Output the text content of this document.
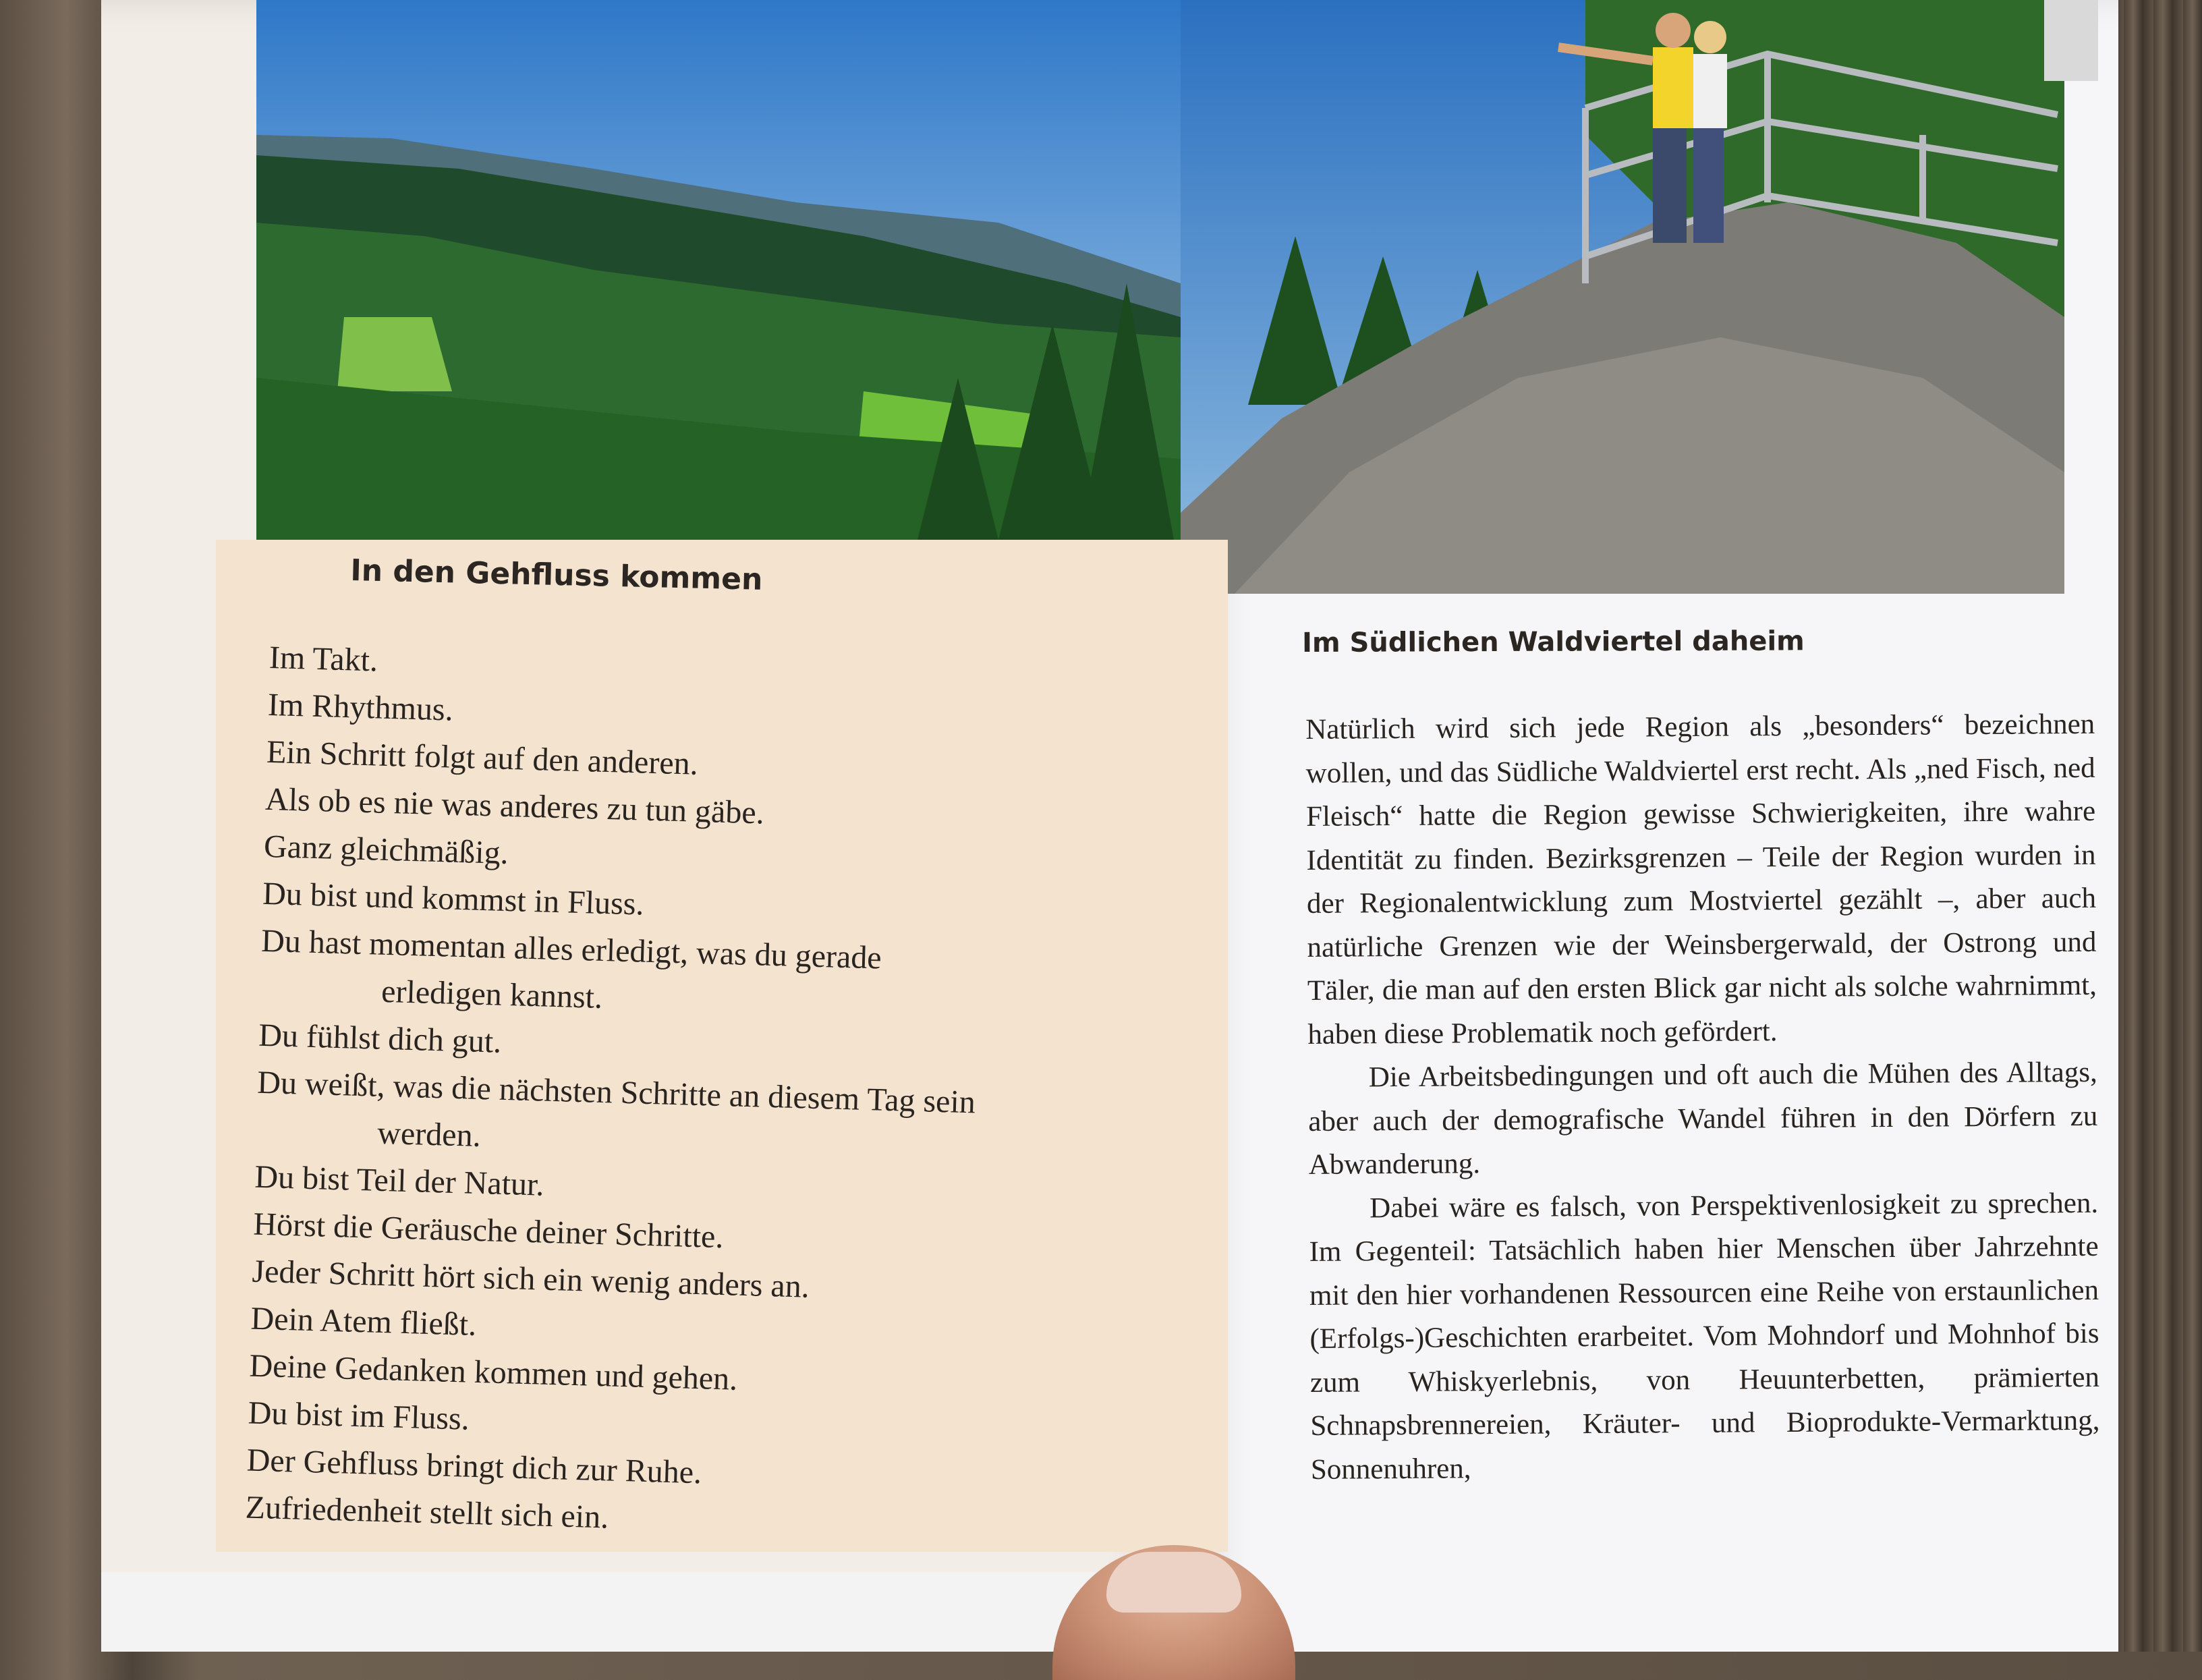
In den Gehfluss kommen
Im Takt.
Im Rhythmus.
Ein Schritt folgt auf den anderen.
Als ob es nie was anderes zu tun gäbe.
Ganz gleichmäßig.
Du bist und kommst in Fluss.
Du hast momentan alles erledigt, was du gerade
erledigen kannst.
Du fühlst dich gut.
Du weißt, was die nächsten Schritte an diesem Tag sein
werden.
Du bist Teil der Natur.
Hörst die Geräusche deiner Schritte.
Jeder Schritt hört sich ein wenig anders an.
Dein Atem fließt.
Deine Gedanken kommen und gehen.
Du bist im Fluss.
Der Gehfluss bringt dich zur Ruhe.
Zufriedenheit stellt sich ein.
Im Südlichen Waldviertel daheim

Natürlich wird sich jede Region als „besonders“ bezeichnen wollen, und das Südliche Waldviertel erst recht. Als „ned Fisch, ned Fleisch“ hatte die Region gewisse Schwierigkeiten, ihre wahre Identität zu finden. Bezirksgrenzen – Teile der Region wurden in der Regionalentwicklung zum Mostviertel gezählt –, aber auch natürliche Grenzen wie der Weinsbergerwald, der Ostrong und Täler, die man auf den ersten Blick gar nicht als solche wahrnimmt, haben diese Problematik noch gefördert.

Die Arbeitsbedingungen und oft auch die Mühen des Alltags, aber auch der demografische Wandel führen in den Dörfern zu Abwanderung.

Dabei wäre es falsch, von Perspektivenlosigkeit zu sprechen. Im Gegenteil: Tatsächlich haben hier Menschen über Jahrzehnte mit den hier vorhandenen Ressourcen eine Reihe von erstaunlichen (Erfolgs-)Geschichten erarbeitet. Vom Mohndorf und Mohnhof bis zum Whiskyerlebnis, von Heuunterbetten, prämierten Schnapsbrennereien, Kräuter- und Bioprodukte-Vermarktung, Sonnenuhren,
